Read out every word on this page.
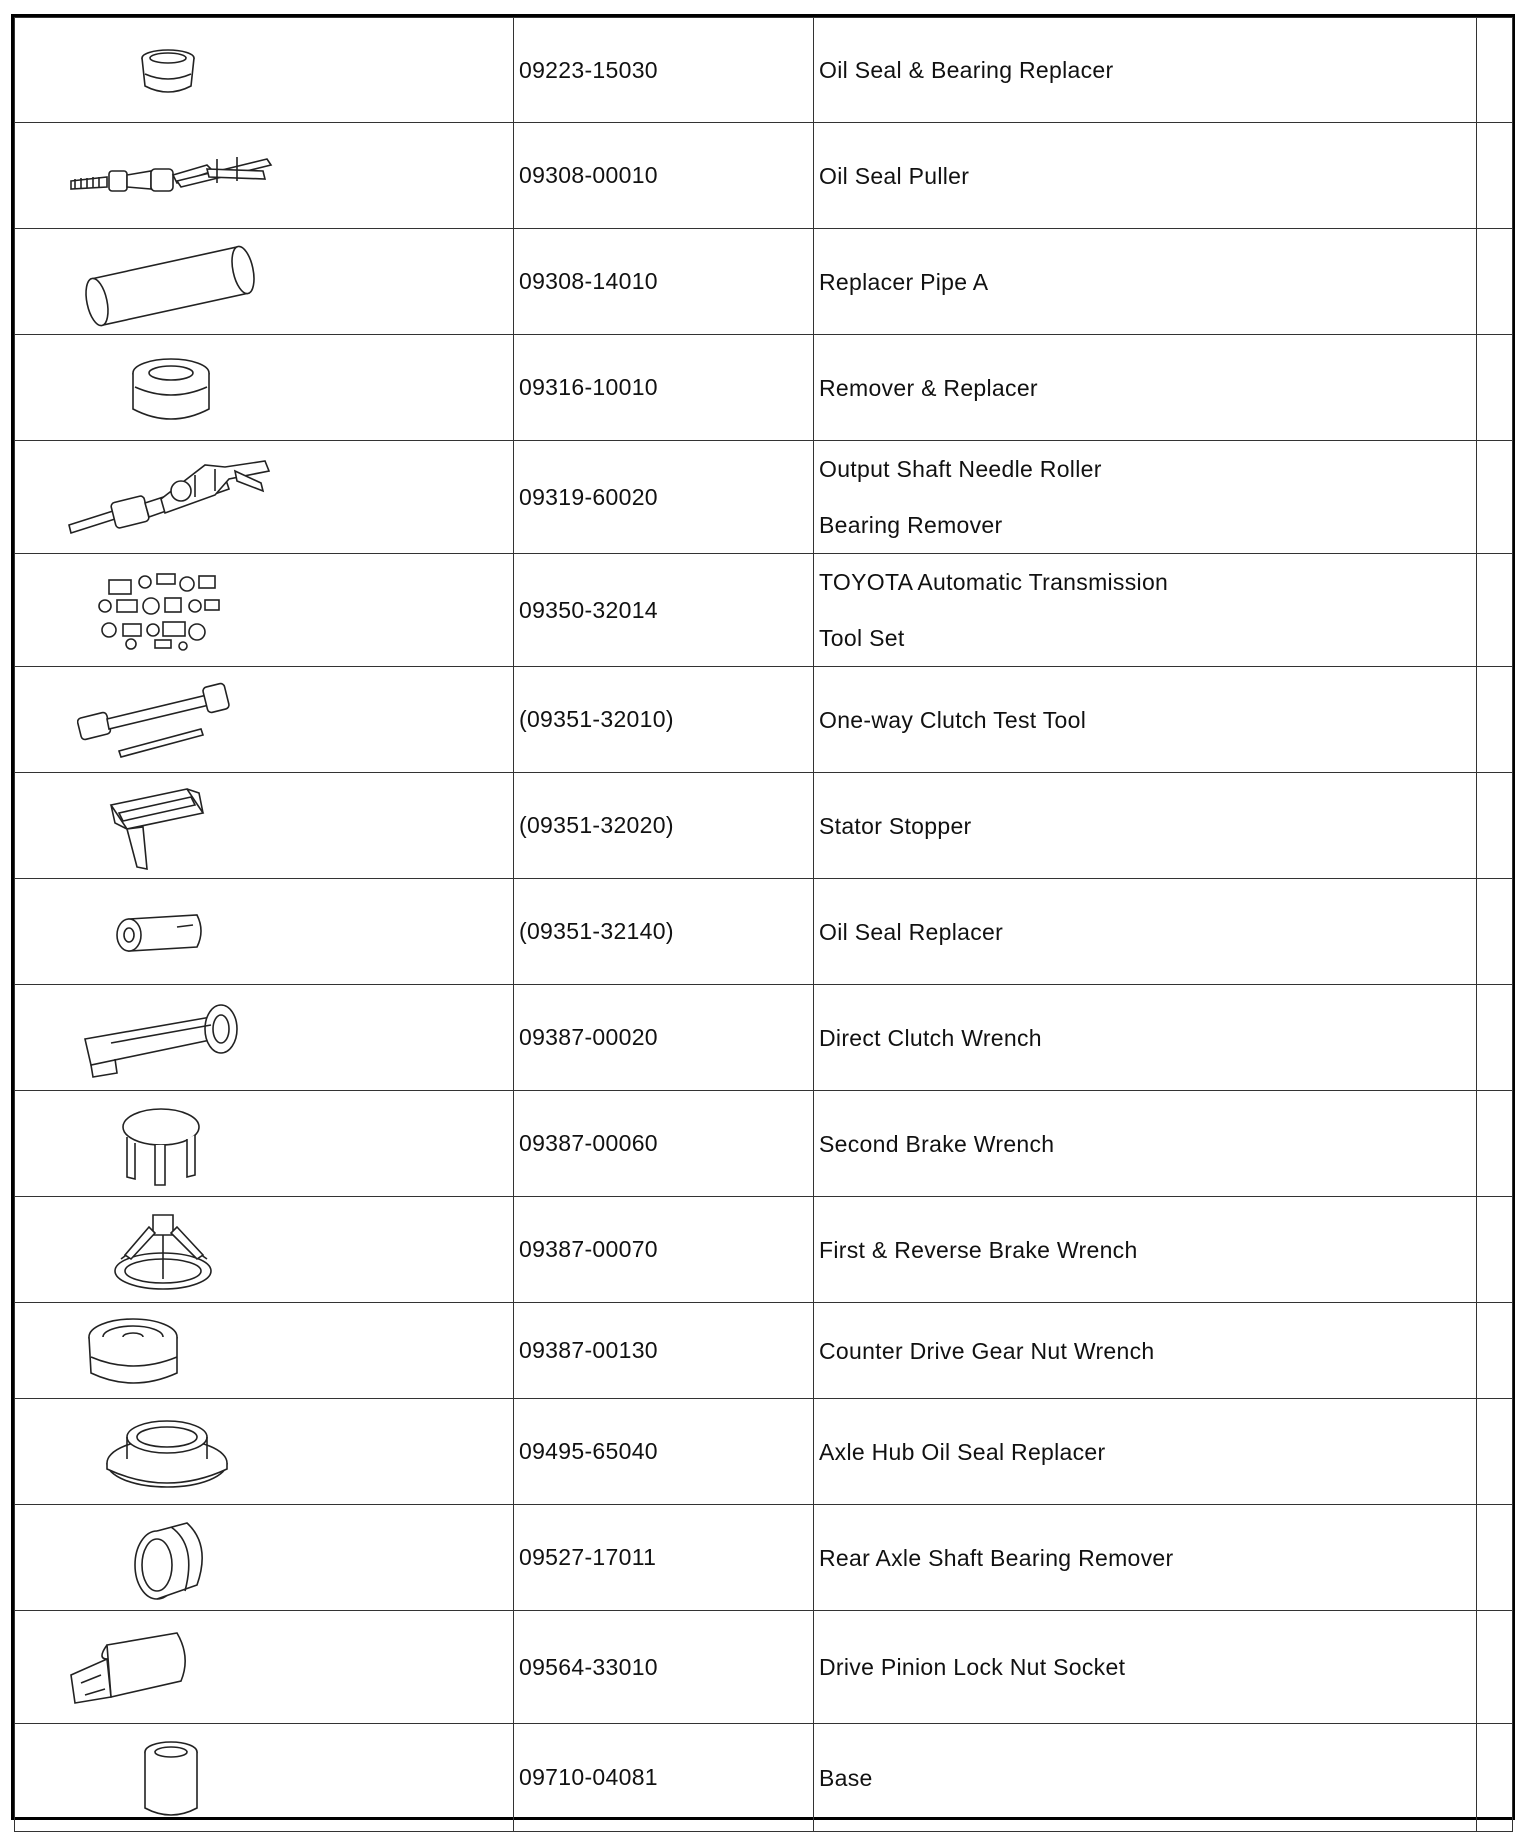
	09223-15030	Oil Seal & Bearing Replacer	

	09308-00010	Oil Seal Puller	

	09308-14010	Replacer Pipe A	

	09316-10010	Remover & Replacer	

	09319-60020	Output Shaft Needle Roller
Bearing Remover	

	09350-32014	TOYOTA Automatic Transmission
Tool Set	

	(09351-32010)	One-way Clutch Test Tool	

	(09351-32020)	Stator Stopper	

	(09351-32140)	Oil Seal Replacer	

	09387-00020	Direct Clutch Wrench	

	09387-00060	Second Brake Wrench	

	09387-00070	First & Reverse Brake Wrench	

	09387-00130	Counter Drive Gear Nut Wrench	

	09495-65040	Axle Hub Oil Seal Replacer	

	09527-17011	Rear Axle Shaft Bearing Remover	

	09564-33010	Drive Pinion Lock Nut Socket	

	09710-04081	Base	
